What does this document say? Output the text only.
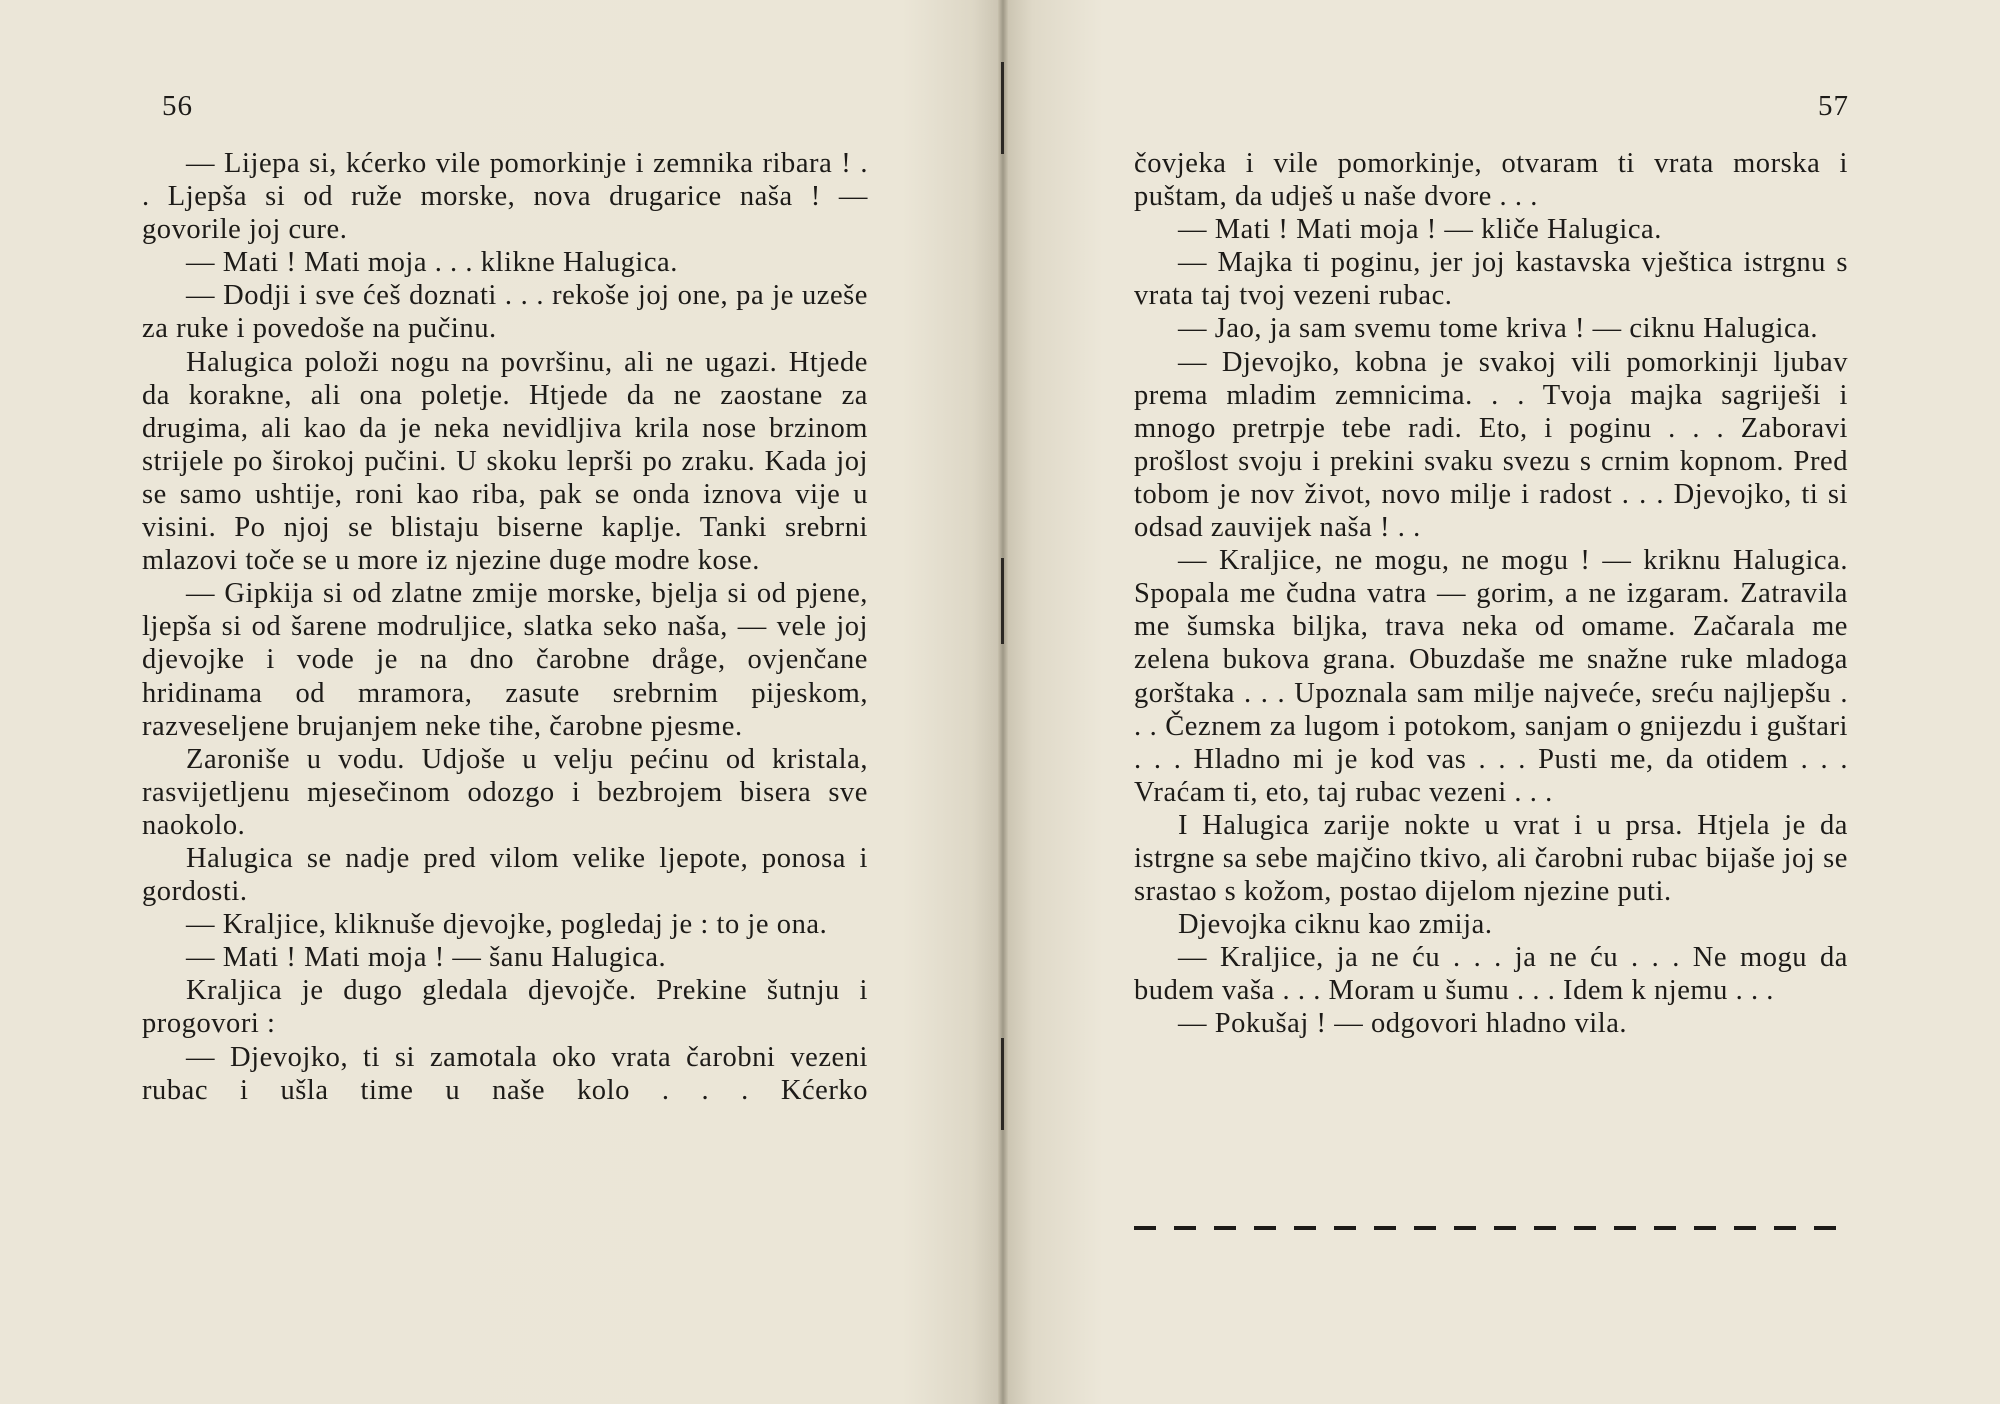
56

— Lijepa si, kćerko vile pomorkinje i zemnika ribara ! . . Ljepša si od ruže morske, nova drugarice naša ! — govorile joj cure.

— Mati ! Mati moja . . . klikne Halugica.

— Dodji i sve ćeš doznati . . . rekoše joj one, pa je uzeše za ruke i povedoše na pučinu.

Halugica položi nogu na površinu, ali ne ugazi. Htjede da korakne, ali ona poletje. Htjede da ne zaostane za drugima, ali kao da je neka nevidljiva krila nose brzinom strijele po širokoj pučini. U skoku leprši po zraku. Kada joj se samo ushtije, roni kao riba, pak se onda iznova vije u visini. Po njoj se blistaju biserne kaplje. Tanki srebrni mlazovi toče se u more iz njezine duge modre kose.

— Gipkija si od zlatne zmije morske, bjelja si od pjene, ljepša si od šarene modruljice, slatka seko naša, — vele joj djevojke i vode je na dno čarobne dråge, ovjenčane hridinama od mramora, zasute srebrnim pijeskom, razveseljene brujanjem neke tihe, čarobne pjesme.

Zaroniše u vodu. Udjoše u velju pećinu od kristala, rasvijetljenu mjesečinom odozgo i bezbrojem bisera sve naokolo.

Halugica se nadje pred vilom velike ljepote, ponosa i gordosti.

— Kraljice, kliknuše djevojke, pogledaj je : to je ona.

— Mati ! Mati moja ! — šanu Halugica.

Kraljica je dugo gledala djevojče. Prekine šutnju i progovori :

— Djevojko, ti si zamotala oko vrata čarobni vezeni rubac i ušla time u naše kolo . . . Kćerko

57

čovjeka i vile pomorkinje, otvaram ti vrata morska i puštam, da udješ u naše dvore . . .

— Mati ! Mati moja ! — kliče Halugica.

— Majka ti poginu, jer joj kastavska vještica istrgnu s vrata taj tvoj vezeni rubac.

— Jao, ja sam svemu tome kriva ! — ciknu Halugica.

— Djevojko, kobna je svakoj vili pomorkinji ljubav prema mladim zemnicima. . . Tvoja majka sagriješi i mnogo pretrpje tebe radi. Eto, i poginu . . . Zaboravi prošlost svoju i prekini svaku svezu s crnim kopnom. Pred tobom je nov život, novo milje i radost . . . Djevojko, ti si odsad zauvijek naša ! . .

— Kraljice, ne mogu, ne mogu ! — kriknu Halugica. Spopala me čudna vatra — gorim, a ne izgaram. Zatravila me šumska biljka, trava neka od omame. Začarala me zelena bukova grana. Obuzdaše me snažne ruke mladoga gorštaka . . . Upoznala sam milje najveće, sreću najljepšu . . . Čeznem za lugom i potokom, sanjam o gnijezdu i guštari . . . Hladno mi je kod vas . . . Pusti me, da otidem . . . Vraćam ti, eto, taj rubac vezeni . . .

I Halugica zarije nokte u vrat i u prsa. Htjela je da istrgne sa sebe majčino tkivo, ali čarobni rubac bijaše joj se srastao s kožom, postao dijelom njezine puti.

Djevojka ciknu kao zmija.

— Kraljice, ja ne ću . . . ja ne ću . . . Ne mogu da budem vaša . . . Moram u šumu . . . Idem k njemu . . .

— Pokušaj ! — odgovori hladno vila.
